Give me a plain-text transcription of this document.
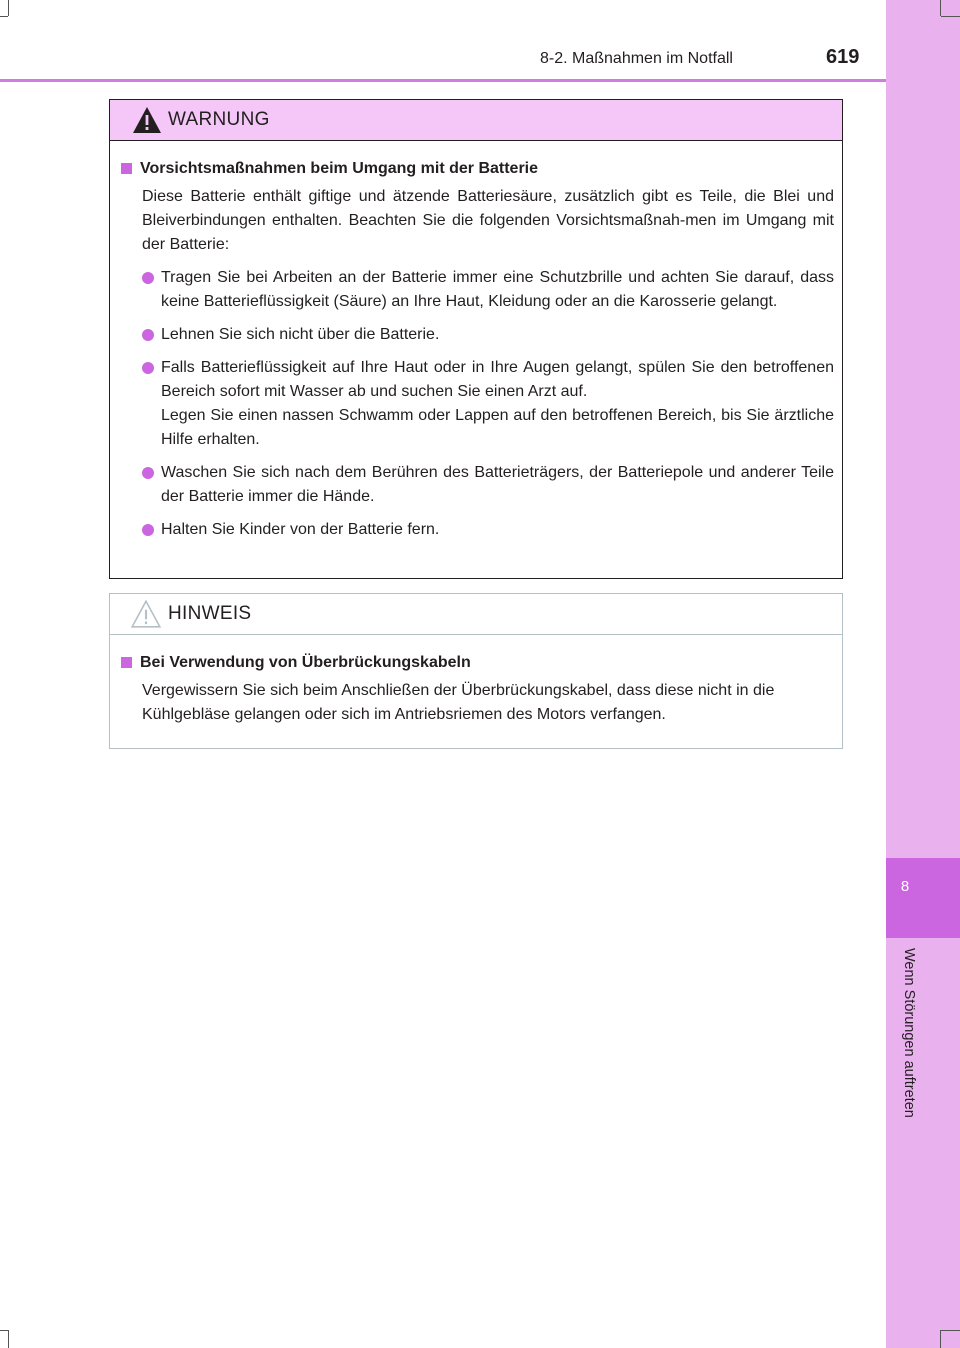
8
Wenn Störungen auftreten
8-2. Maßnahmen im Notfall	619
WARNUNG
Vorsichtsmaßnahmen beim Umgang mit der Batterie

Diese Batterie enthält giftige und ätzende Batteriesäure, zusätzlich gibt es Teile, die Blei und Bleiverbindungen enthalten. Beachten Sie die folgenden Vorsichtsmaßnah-men im Umgang mit der Batterie:

Tragen Sie bei Arbeiten an der Batterie immer eine Schutzbrille und achten Sie darauf, dass keine Batterieflüssigkeit (Säure) an Ihre Haut, Kleidung oder an die Karosserie gelangt.

Lehnen Sie sich nicht über die Batterie.

Falls Batterieflüssigkeit auf Ihre Haut oder in Ihre Augen gelangt, spülen Sie den betroffenen Bereich sofort mit Wasser ab und suchen Sie einen Arzt auf.

Legen Sie einen nassen Schwamm oder Lappen auf den betroffenen Bereich, bis Sie ärztliche Hilfe erhalten.

Waschen Sie sich nach dem Berühren des Batterieträgers, der Batteriepole und anderer Teile der Batterie immer die Hände.

Halten Sie Kinder von der Batterie fern.

HINWEIS
Bei Verwendung von Überbrückungskabeln

Vergewissern Sie sich beim Anschließen der Überbrückungskabel, dass diese nicht in die Kühlgebläse gelangen oder sich im Antriebsriemen des Motors verfangen.
